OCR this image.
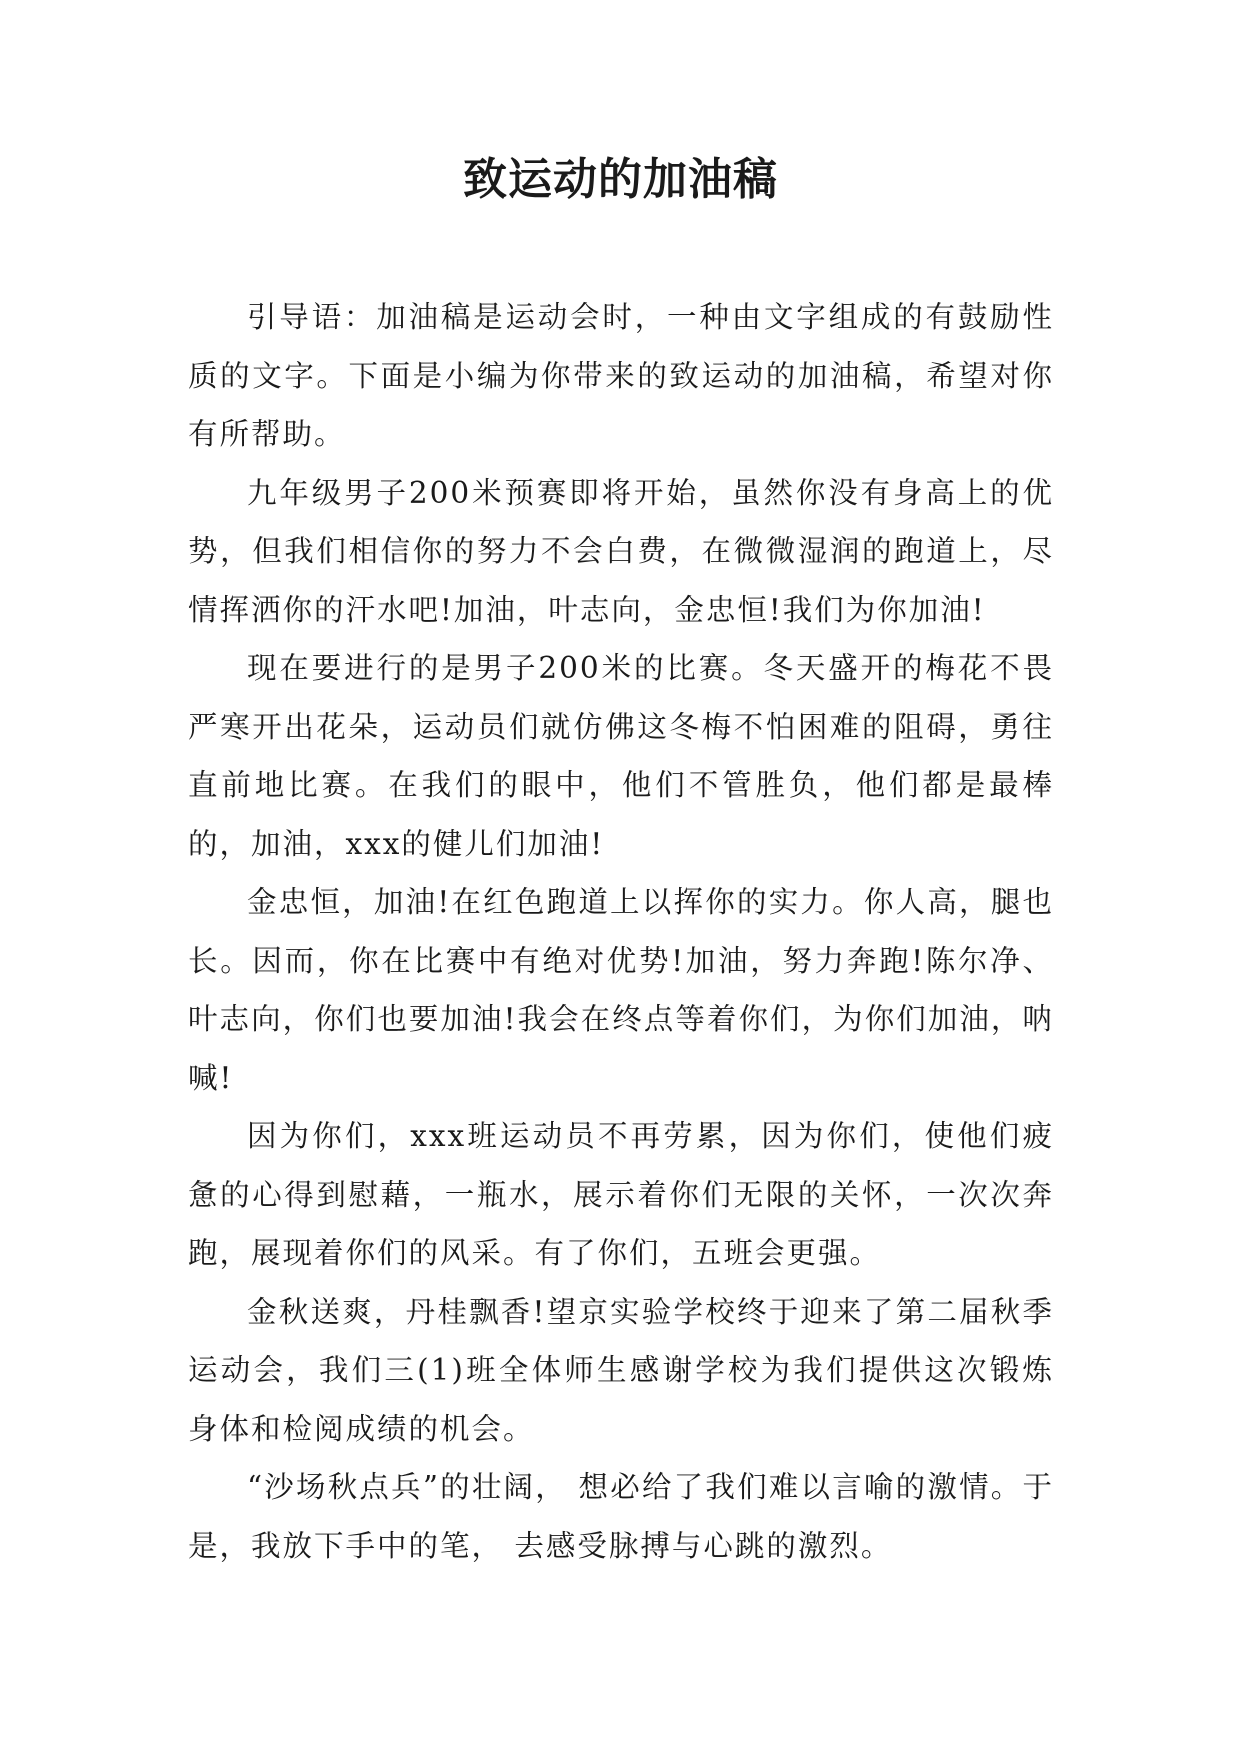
致运动的加油稿

引导语：加油稿是运动会时，一种由文字组成的有鼓励性质的文字。下面是小编为你带来的致运动的加油稿，希望对你有所帮助。

九年级男子200米预赛即将开始，虽然你没有身高上的优势，但我们相信你的努力不会白费，在微微湿润的跑道上，尽情挥洒你的汗水吧!加油，叶志向，金忠恒!我们为你加油!

现在要进行的是男子200米的比赛。冬天盛开的梅花不畏严寒开出花朵，运动员们就仿佛这冬梅不怕困难的阻碍，勇往直前地比赛。在我们的眼中，他们不管胜负，他们都是最棒的，加油，xxx的健儿们加油!

金忠恒，加油!在红色跑道上以挥你的实力。你人高，腿也长。因而，你在比赛中有绝对优势!加油，努力奔跑!陈尔净、叶志向，你们也要加油!我会在终点等着你们，为你们加油，呐喊!

因为你们，xxx班运动员不再劳累，因为你们，使他们疲惫的心得到慰藉，一瓶水，展示着你们无限的关怀，一次次奔跑，展现着你们的风采。有了你们，五班会更强。

金秋送爽，丹桂飘香!望京实验学校终于迎来了第二届秋季运动会，我们三(1)班全体师生感谢学校为我们提供这次锻炼身体和检阅成绩的机会。

“沙场秋点兵”的壮阔， 想必给了我们难以言喻的激情。于是，我放下手中的笔， 去感受脉搏与心跳的激烈。
